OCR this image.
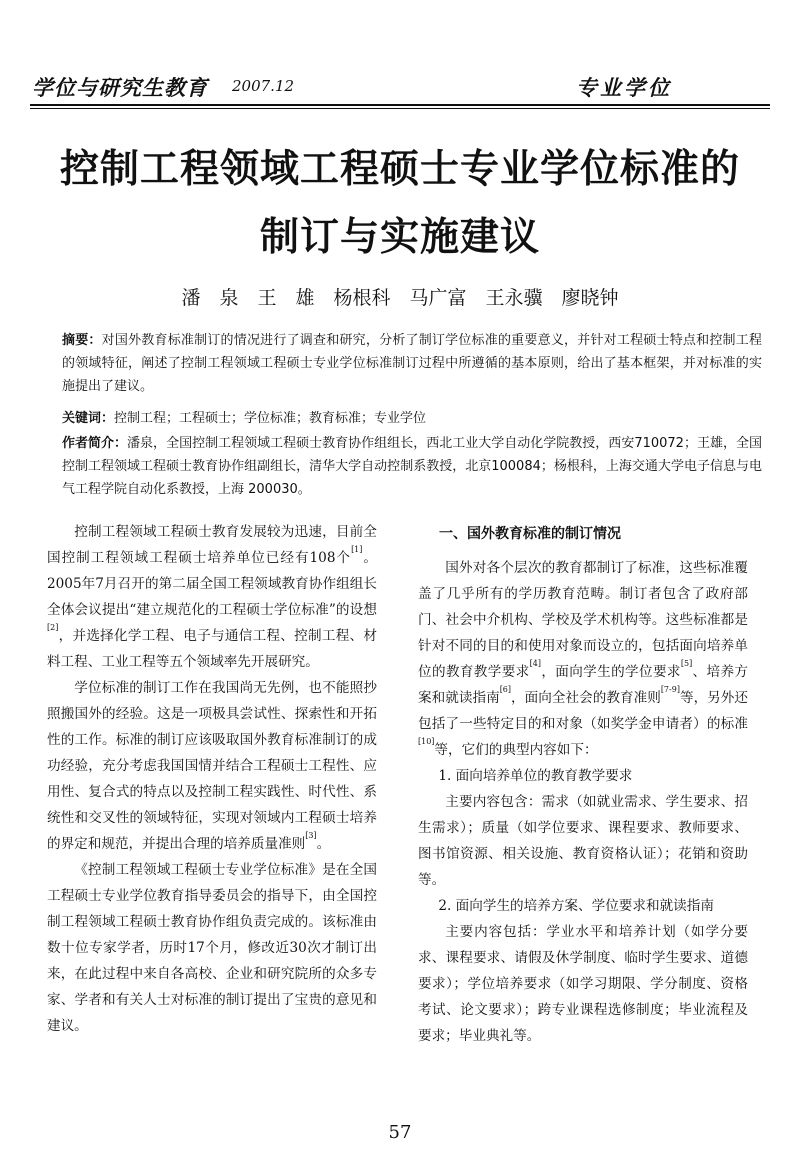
学位与研究生教育 2007.12	专业学位
控制工程领域工程硕士专业学位标准的
制订与实施建议
潘　泉　王　雄　杨根科　马广富　王永骥　廖晓钟
摘要：对国外教育标准制订的情况进行了调查和研究，分析了制订学位标准的重要意义，并针对工程硕士特点和控制工程的领域特征，阐述了控制工程领域工程硕士专业学位标准制订过程中所遵循的基本原则，给出了基本框架，并对标准的实施提出了建议。
关键词：控制工程；工程硕士；学位标准；教育标准；专业学位
作者简介：潘泉，全国控制工程领域工程硕士教育协作组组长，西北工业大学自动化学院教授，西安710072；王雄，全国控制工程领域工程硕士教育协作组副组长，清华大学自动控制系教授，北京100084；杨根科，上海交通大学电子信息与电气工程学院自动化系教授，上海 200030。

控制工程领域工程硕士教育发展较为迅速，目前全国控制工程领域工程硕士培养单位已经有108个[1]。2005年7月召开的第二届全国工程领域教育协作组组长全体会议提出“建立规范化的工程硕士学位标准”的设想[2]，并选择化学工程、电子与通信工程、控制工程、材料工程、工业工程等五个领域率先开展研究。

学位标准的制订工作在我国尚无先例，也不能照抄照搬国外的经验。这是一项极具尝试性、探索性和开拓性的工作。标准的制订应该吸取国外教育标准制订的成功经验，充分考虑我国国情并结合工程硕士工程性、应用性、复合式的特点以及控制工程实践性、时代性、系统性和交叉性的领域特征，实现对领域内工程硕士培养的界定和规范，并提出合理的培养质量准则[3]。

《控制工程领域工程硕士专业学位标准》是在全国工程硕士专业学位教育指导委员会的指导下，由全国控制工程领域工程硕士教育协作组负责完成的。该标准由数十位专家学者，历时17个月，修改近30次才制订出来，在此过程中来自各高校、企业和研究院所的众多专家、学者和有关人士对标准的制订提出了宝贵的意见和建议。

一、国外教育标准的制订情况

国外对各个层次的教育都制订了标准，这些标准覆盖了几乎所有的学历教育范畴。制订者包含了政府部门、社会中介机构、学校及学术机构等。这些标准都是针对不同的目的和使用对象而设立的，包括面向培养单位的教育教学要求[4]，面向学生的学位要求[5]、培养方案和就读指南[6]，面向全社会的教育准则[7-9]等，另外还包括了一些特定目的和对象（如奖学金申请者）的标准[10]等，它们的典型内容如下：

1. 面向培养单位的教育教学要求

主要内容包含：需求（如就业需求、学生要求、招生需求）；质量（如学位要求、课程要求、教师要求、图书馆资源、相关设施、教育资格认证）；花销和资助等。

2. 面向学生的培养方案、学位要求和就读指南

主要内容包括：学业水平和培养计划（如学分要求、课程要求、请假及休学制度、临时学生要求、道德要求）；学位培养要求（如学习期限、学分制度、资格考试、论文要求）；跨专业课程选修制度；毕业流程及要求；毕业典礼等。

57
